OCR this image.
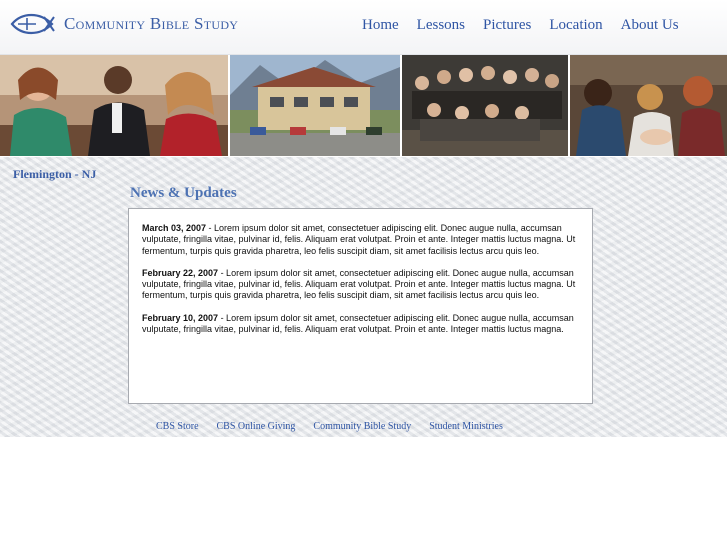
Community Bible Study	Home Lessons Pictures Location About Us
Flemington - NJ
News & Updates
March 03, 2007 - Lorem ipsum dolor sit amet, consectetuer adipiscing elit. Donec augue nulla, accumsan vulputate, fringilla vitae, pulvinar id, felis. Aliquam erat volutpat. Proin et ante. Integer mattis luctus magna. Ut fermentum, turpis quis gravida pharetra, leo felis suscipit diam, sit amet facilisis lectus arcu quis leo.
February 22, 2007 - Lorem ipsum dolor sit amet, consectetuer adipiscing elit. Donec augue nulla, accumsan vulputate, fringilla vitae, pulvinar id, felis. Aliquam erat volutpat. Proin et ante. Integer mattis luctus magna. Ut fermentum, turpis quis gravida pharetra, leo felis suscipit diam, sit amet facilisis lectus arcu quis leo.
February 10, 2007 - Lorem ipsum dolor sit amet, consectetuer adipiscing elit. Donec augue nulla, accumsan vulputate, fringilla vitae, pulvinar id, felis. Aliquam erat volutpat. Proin et ante. Integer mattis luctus magna.
CBS Store CBS Online Giving Community Bible Study Student Ministries
